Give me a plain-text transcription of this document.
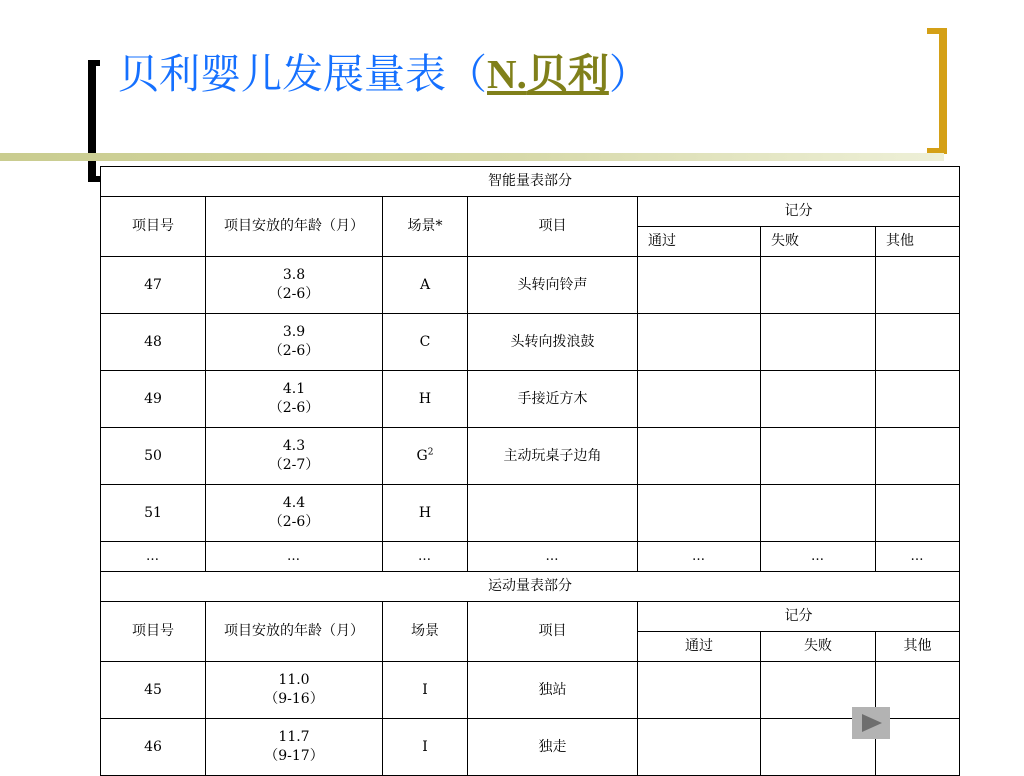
贝利婴儿发展量表（N.贝利）
智能量表部分						
项目号	项目安放的年龄（月）	场景*	项目	记分		
				通过	失败	其他
47	3.8
（2-6）	A	头转向铃声			
48	3.9
（2-6）	C	头转向拨浪鼓			
49	4.1
（2-6）	H	手接近方木			
50	4.3
（2-7）	$G^2$	主动玩桌子边角			
51	4.4
（2-6）	H				
…	…	…	…	…	…	…
运动量表部分						
项目号	项目安放的年龄（月）	场景	项目	记分		
				通过	失败	其他
45	11.0
（9-16）	I	独站			
46	11.7
（9-17）	I	独走			
